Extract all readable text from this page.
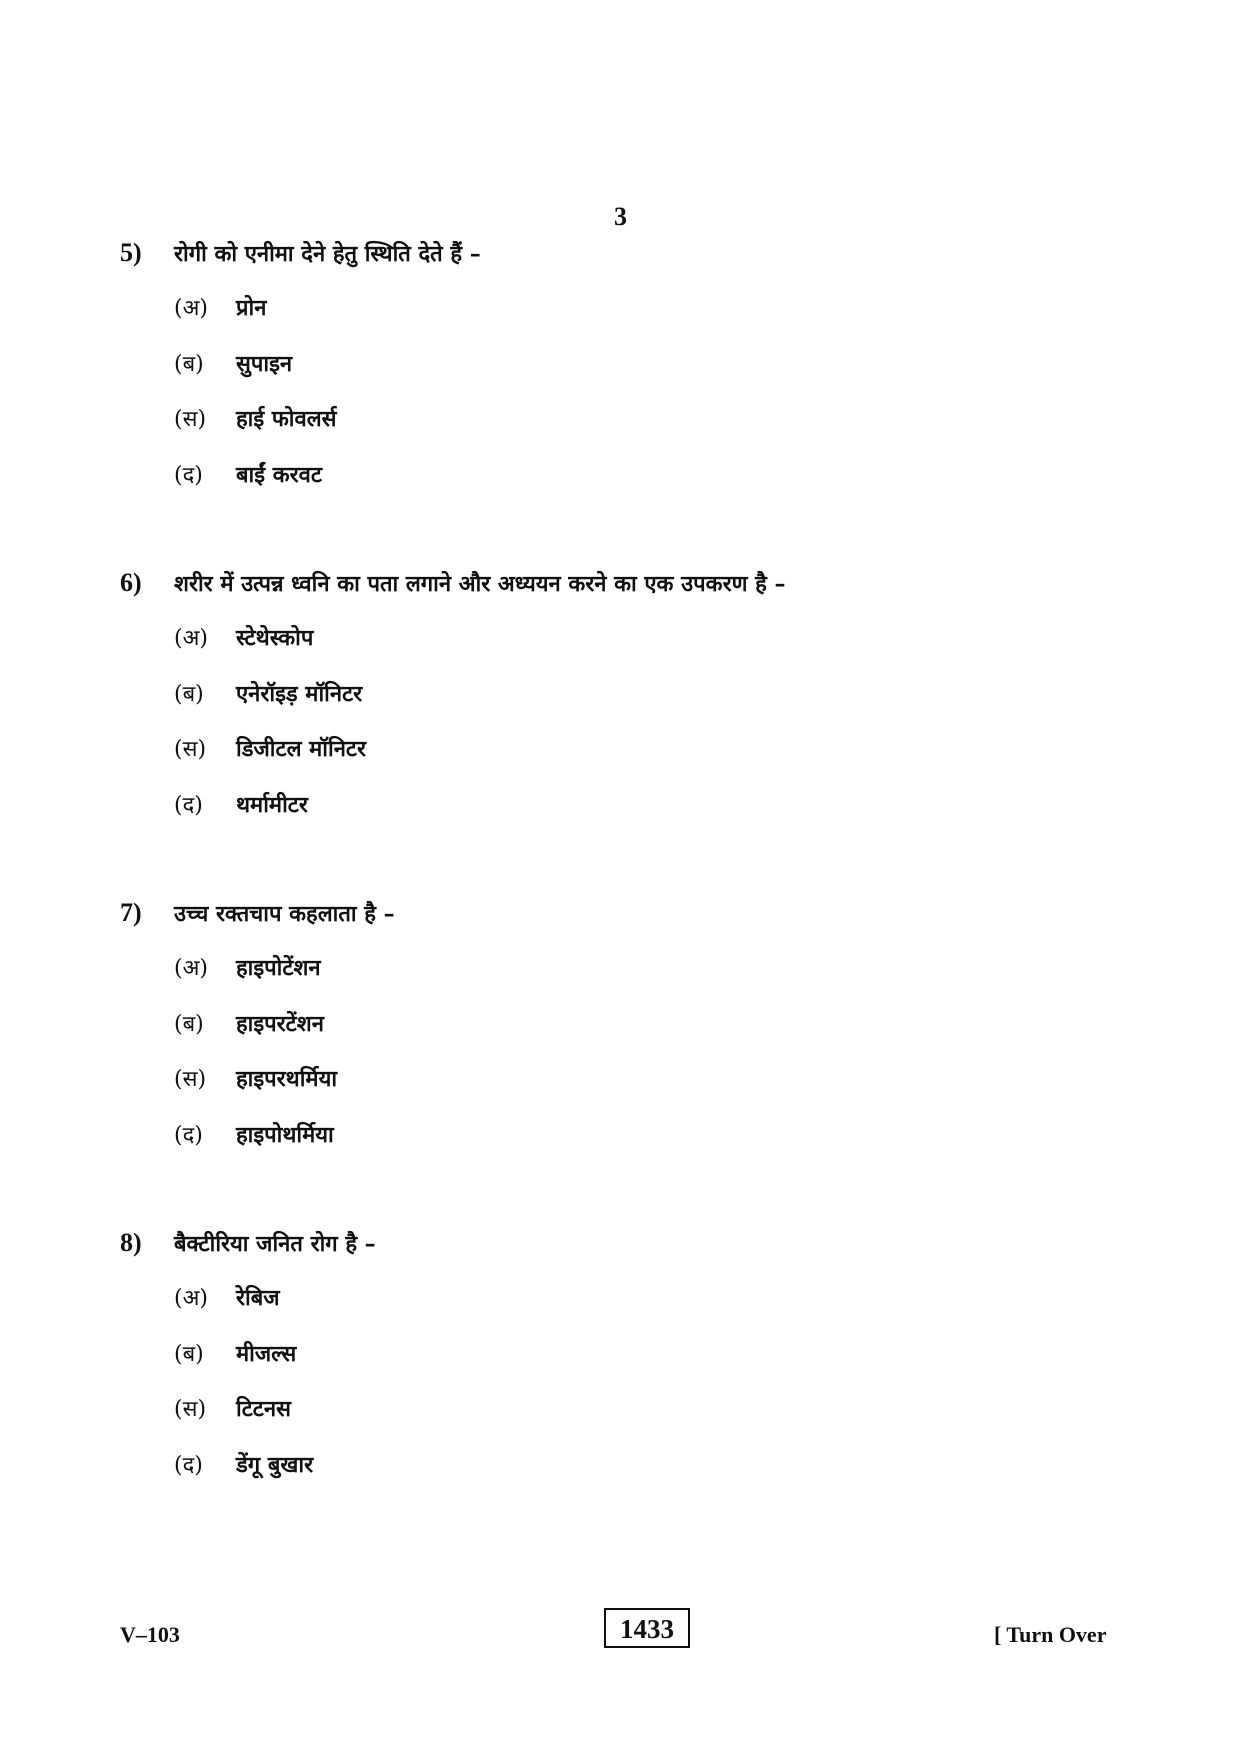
3
5)	रोगी को एनीमा देने हेतु स्थिति देते हैं –
(अ)	प्रोन
(ब)	सुपाइन
(स)	हाई फोवलर्स
(द)	बाईं करवट
6)	शरीर में उत्पन्न ध्वनि का पता लगाने और अध्ययन करने का एक उपकरण है –
(अ)	स्टेथेस्कोप
(ब)	एनेरॉइड़ मॉनिटर
(स)	डिजीटल मॉनिटर
(द)	थर्मामीटर
7)	उच्च रक्तचाप कहलाता है –
(अ)	हाइपोटेंशन
(ब)	हाइपरटेंशन
(स)	हाइपरथर्मिया
(द)	हाइपोथर्मिया
8)	बैक्टीरिया जनित रोग है –
(अ)	रेबिज
(ब)	मीजल्स
(स)	टिटनस
(द)	डेंगू बुखार
V–103	1433	[ Turn Over
